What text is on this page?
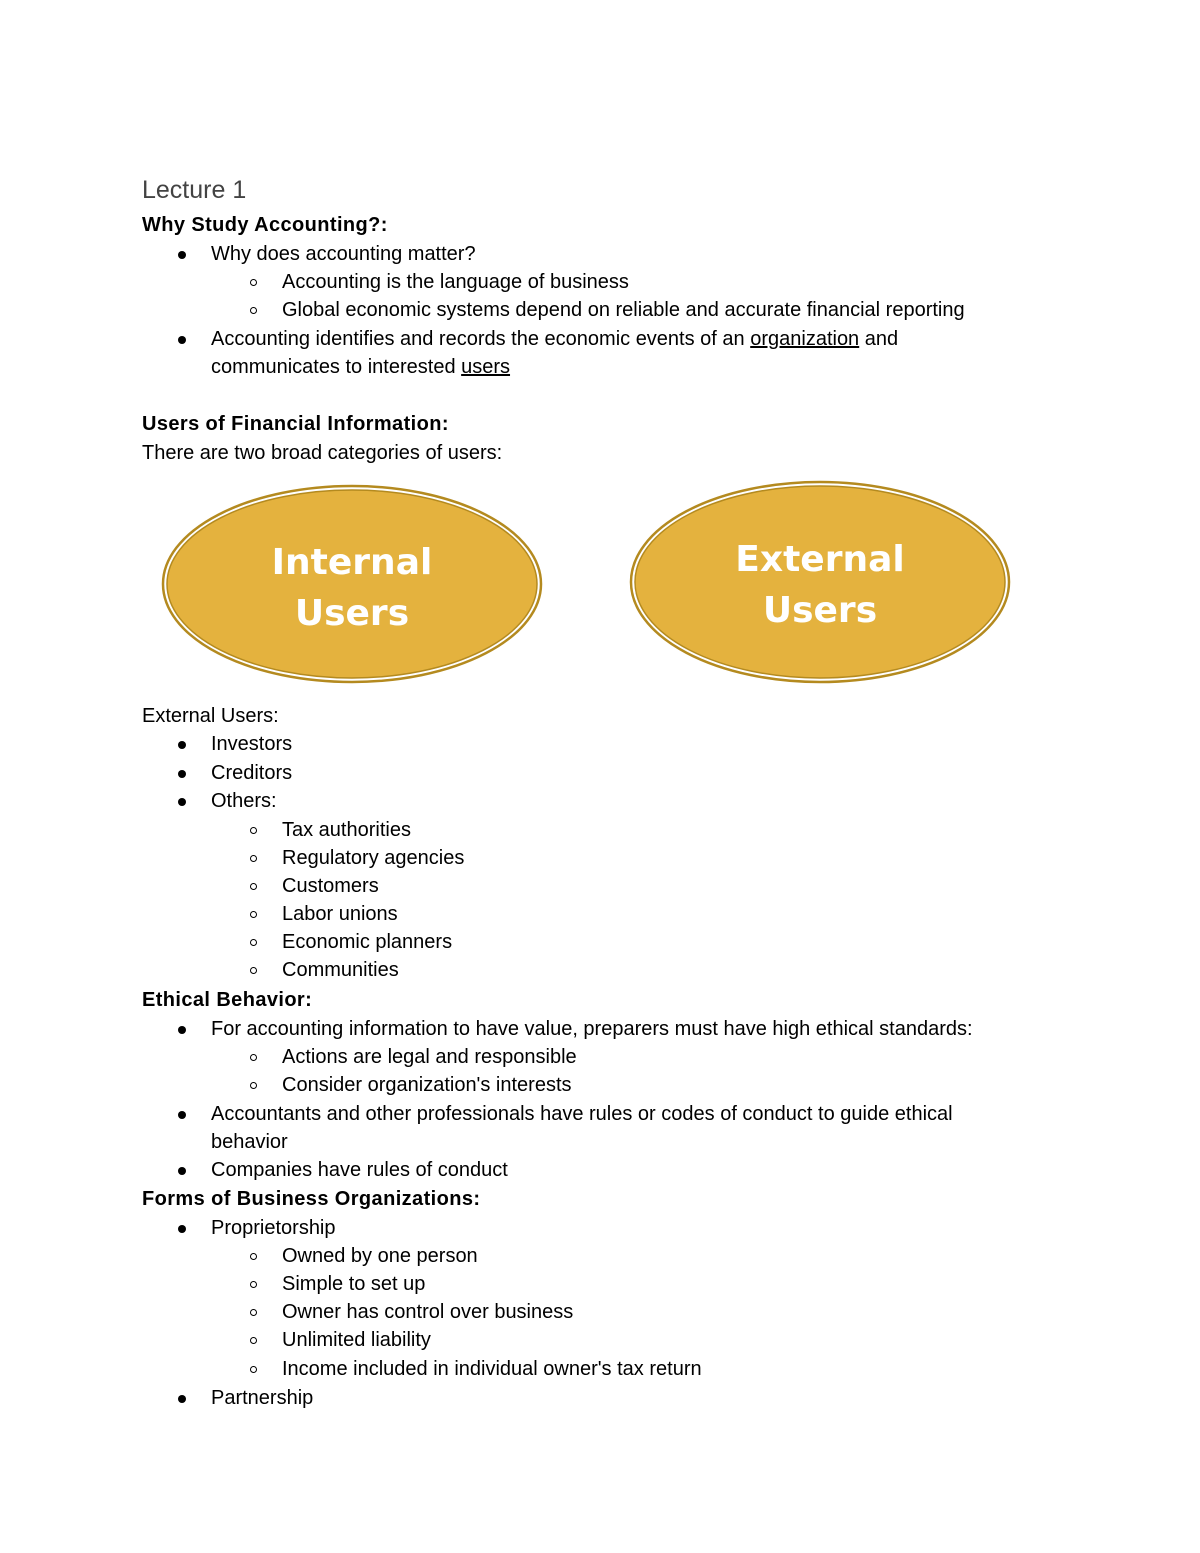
Lecture 1
Why Study Accounting?:
Why does accounting matter?
Accounting is the language of business
Global economic systems depend on reliable and accurate financial reporting
Accounting identifies and records the economic events of an organization and
communicates to interested users
Users of Financial Information:
There are two broad categories of users:
Internal
Users
External
Users
External Users:
Investors
Creditors
Others:
Tax authorities
Regulatory agencies
Customers
Labor unions
Economic planners
Communities
Ethical Behavior:
For accounting information to have value, preparers must have high ethical standards:
Actions are legal and responsible
Consider organization's interests
Accountants and other professionals have rules or codes of conduct to guide ethical
behavior
Companies have rules of conduct
Forms of Business Organizations:
Proprietorship
Owned by one person
Simple to set up
Owner has control over business
Unlimited liability
Income included in individual owner's tax return
Partnership
